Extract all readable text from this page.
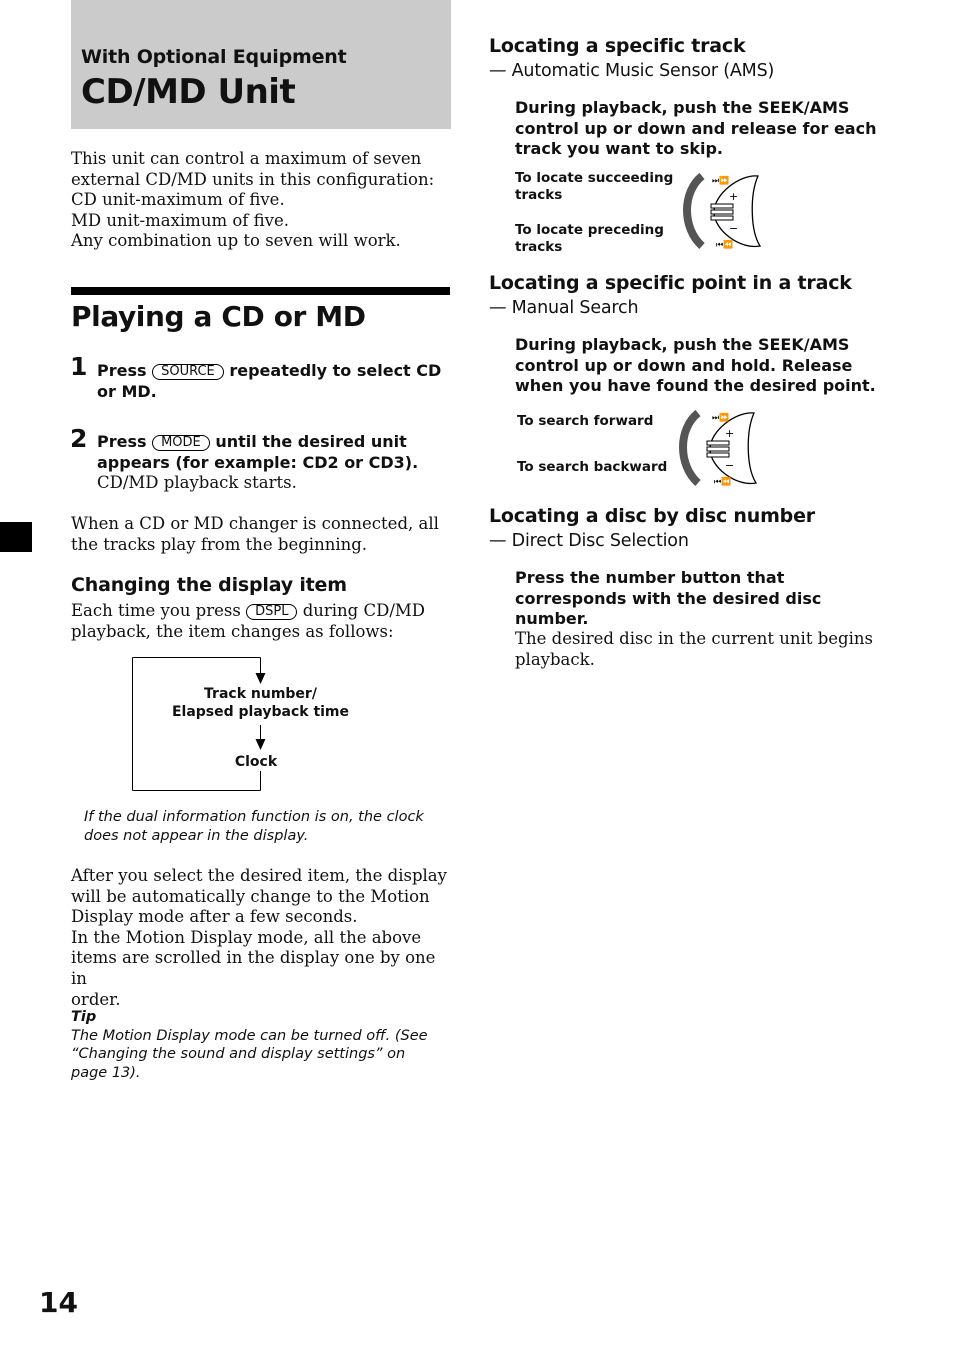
With Optional Equipment
CD/MD Unit
This unit can control a maximum of seven
external CD/MD units in this configuration:
CD unit-maximum of five.
MD unit-maximum of five.
Any combination up to seven will work.
Playing a CD or MD
1 Press SOURCE repeatedly to select CD
or MD.
2 Press MODE until the desired unit
appears (for example: CD2 or CD3).
CD/MD playback starts.
When a CD or MD changer is connected, all
the tracks play from the beginning.
Changing the display item
Each time you press DSPL during CD/MD
playback, the item changes as follows:
Track number/
Elapsed playback time
Clock
If the dual information function is on, the clock
does not appear in the display.
After you select the desired item, the display
will be automatically change to the Motion
Display mode after a few seconds.
In the Motion Display mode, all the above
items are scrolled in the display one by one in
order.
Tip
The Motion Display mode can be turned off. (See
“Changing the sound and display settings” on
page 13).
Locating a specific track
— Automatic Music Sensor (AMS)
During playback, push the SEEK/AMS
control up or down and release for each
track you want to skip.
To locate succeeding
tracks
To locate preceding
tracks
+
−
⏭⏩
⏮⏪
Locating a specific point in a track
— Manual Search
During playback, push the SEEK/AMS
control up or down and hold. Release
when you have found the desired point.
To search forward
To search backward
+
−
⏭⏩
⏮⏪
Locating a disc by disc number
— Direct Disc Selection
Press the number button that
corresponds with the desired disc
number.
The desired disc in the current unit begins
playback.
14
